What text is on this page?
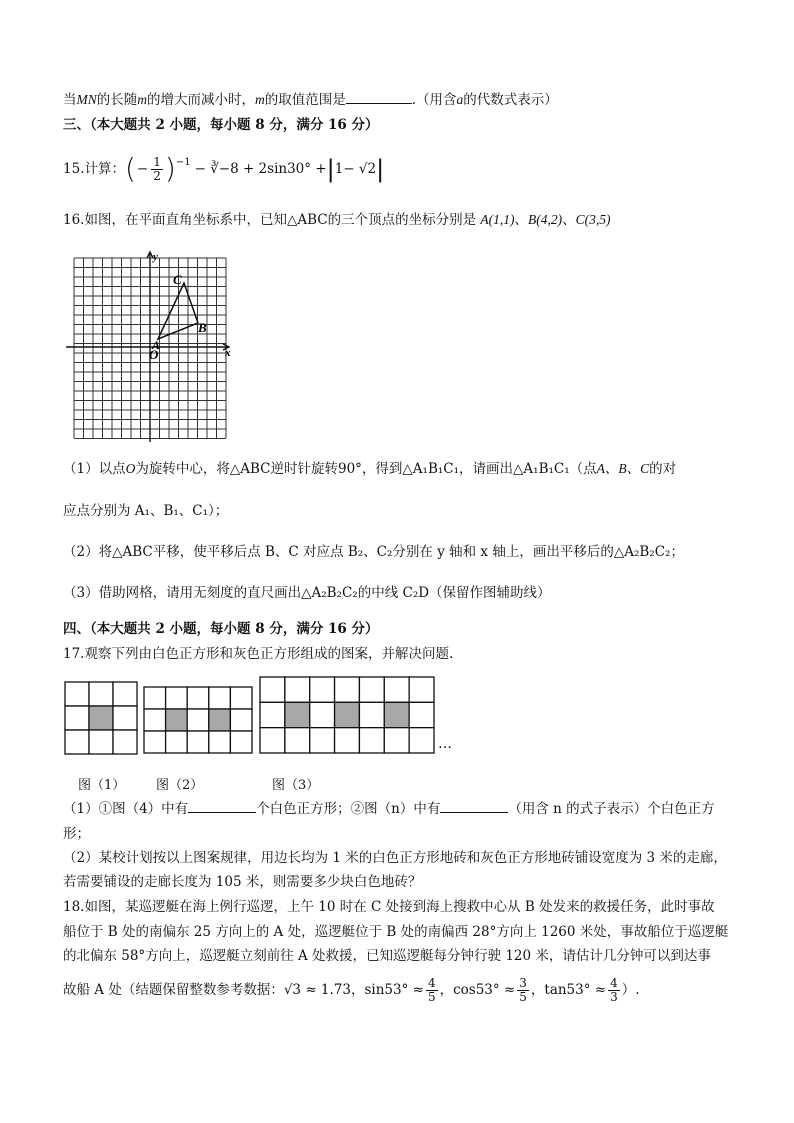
当MN的长随m的增大而减小时，m的取值范围是	.（用含a的代数式表示）
三、（本大题共 2 小题，每小题 8 分，满分 16 分）
15.计算： ( − $\frac{1}{2} )^{-1}$ − ∛−8 + 2sin30° + | 1− √2 |
16.如图，在平面直角坐标系中，已知△ABC的三个顶点的坐标分别是 A(1,1)、B(4,2)、C(3,5)
C
B
A
O	x
y
（1）以点O为旋转中心，将△ABC逆时针旋转90°，得到△A₁B₁C₁，请画出△A₁B₁C₁（点A、B、C的对
应点分别为 A₁、B₁、C₁）；
（2）将△ABC平移，使平移后点 B、C 对应点 B₂、C₂分别在 y 轴和 x 轴上，画出平移后的△A₂B₂C₂；
（3）借助网格，请用无刻度的直尺画出△A₂B₂C₂的中线 C₂D（保留作图辅助线）
四、（本大题共 2 小题，每小题 8 分，满分 16 分）
17.观察下列由白色正方形和灰色正方形组成的图案，并解决问题.
…
图（1） 图（2）	图（3）
（1）①图（4）中有	个白色正方形；②图（n）中有	（用含 n 的式子表示）个白色正方
形；
（2）某校计划按以上图案规律，用边长均为 1 米的白色正方形地砖和灰色正方形地砖铺设宽度为 3 米的走廊，
若需要铺设的走廊长度为 105 米，则需要多少块白色地砖？
18.如图，某巡逻艇在海上例行巡逻，上午 10 时在 C 处接到海上搜救中心从 B 处发来的救援任务，此时事故
船位于 B 处的南偏东 25 方向上的 A 处，巡逻艇位于 B 处的南偏西 28°方向上 1260 米处，事故船位于巡逻艇
的北偏东 58°方向上，巡逻艇立刻前往 A 处救援，已知巡逻艇每分钟行驶 120 米，请估计几分钟可以到达事
故船 A 处（结题保留整数参考数据：√3 ≈ 1.73，$\sin 53^\circ \approx \frac{4}{5}$ ，$\cos 53^\circ \approx \frac{3}{5}$ ，$\tan 53^\circ \approx \frac{4}{3}$ ）.
